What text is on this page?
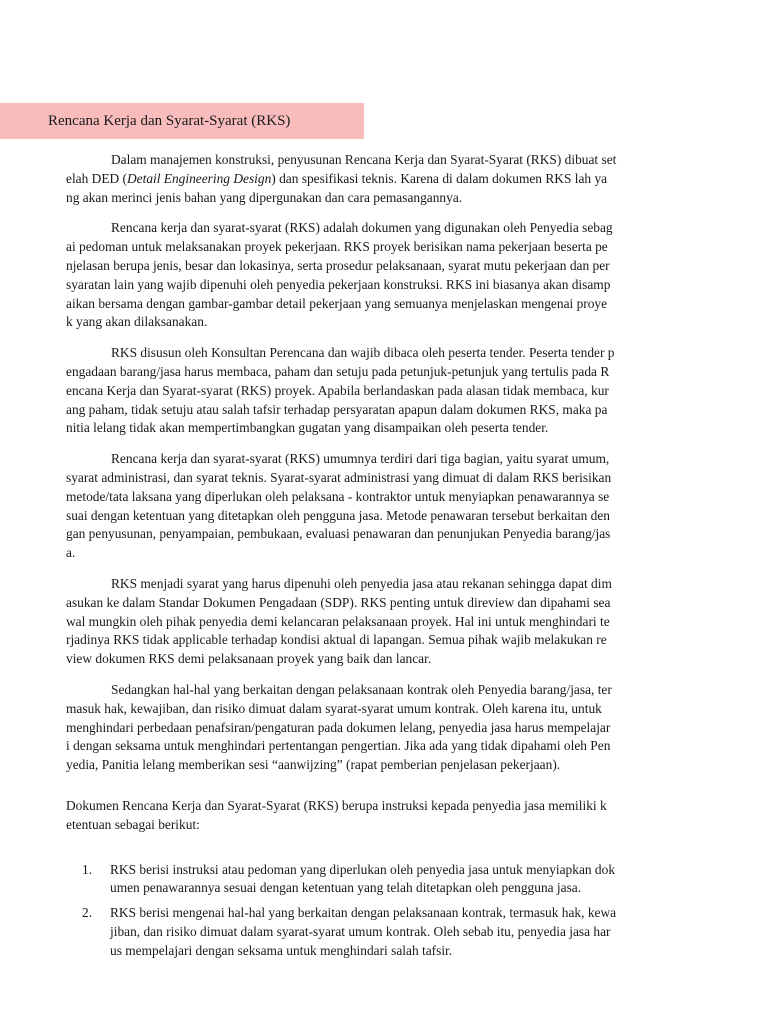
Rencana Kerja dan Syarat-Syarat (RKS)

Dalam manajemen konstruksi, penyusunan Rencana Kerja dan Syarat-Syarat (RKS) dibuat set
elah DED (Detail Engineering Design) dan spesifikasi teknis. Karena di dalam dokumen RKS lah ya
ng akan merinci jenis bahan yang dipergunakan dan cara pemasangannya.

Rencana kerja dan syarat-syarat (RKS) adalah dokumen yang digunakan oleh Penyedia sebag
ai pedoman untuk melaksanakan proyek pekerjaan. RKS proyek berisikan nama pekerjaan beserta pe
njelasan berupa jenis, besar dan lokasinya, serta prosedur pelaksanaan, syarat mutu pekerjaan dan per
syaratan lain yang wajib dipenuhi oleh penyedia pekerjaan konstruksi. RKS ini biasanya akan disamp
aikan bersama dengan gambar-gambar detail pekerjaan yang semuanya menjelaskan mengenai proye
k yang akan dilaksanakan.

RKS disusun oleh Konsultan Perencana dan wajib dibaca oleh peserta tender. Peserta tender p
engadaan barang/jasa harus membaca, paham dan setuju pada petunjuk-petunjuk yang tertulis pada R
encana Kerja dan Syarat-syarat (RKS) proyek. Apabila berlandaskan pada alasan tidak membaca, kur
ang paham, tidak setuju atau salah tafsir terhadap persyaratan apapun dalam dokumen RKS, maka pa
nitia lelang tidak akan mempertimbangkan gugatan yang disampaikan oleh peserta tender.

Rencana kerja dan syarat-syarat (RKS) umumnya terdiri dari tiga bagian, yaitu syarat umum,
syarat administrasi, dan syarat teknis. Syarat-syarat administrasi yang dimuat di dalam RKS berisikan
metode/tata laksana yang diperlukan oleh pelaksana - kontraktor untuk menyiapkan penawarannya se
suai dengan ketentuan yang ditetapkan oleh pengguna jasa. Metode penawaran tersebut berkaitan den
gan penyusunan, penyampaian, pembukaan, evaluasi penawaran dan penunjukan Penyedia barang/jas
a.

RKS menjadi syarat yang harus dipenuhi oleh penyedia jasa atau rekanan sehingga dapat dim
asukan ke dalam Standar Dokumen Pengadaan (SDP). RKS penting untuk direview dan dipahami sea
wal mungkin oleh pihak penyedia demi kelancaran pelaksanaan proyek. Hal ini untuk menghindari te
rjadinya RKS tidak applicable terhadap kondisi aktual di lapangan. Semua pihak wajib melakukan re
view dokumen RKS demi pelaksanaan proyek yang baik dan lancar.

Sedangkan hal-hal yang berkaitan dengan pelaksanaan kontrak oleh Penyedia barang/jasa, ter
masuk hak, kewajiban, dan risiko dimuat dalam syarat-syarat umum kontrak. Oleh karena itu, untuk
menghindari perbedaan penafsiran/pengaturan pada dokumen lelang, penyedia jasa harus mempelajar
i dengan seksama untuk menghindari pertentangan pengertian. Jika ada yang tidak dipahami oleh Pen
yedia, Panitia lelang memberikan sesi “aanwijzing” (rapat pemberian penjelasan pekerjaan).

Dokumen Rencana Kerja dan Syarat-Syarat (RKS) berupa instruksi kepada penyedia jasa memiliki k
etentuan sebagai berikut:

1. RKS berisi instruksi atau pedoman yang diperlukan oleh penyedia jasa untuk menyiapkan dok
umen penawarannya sesuai dengan ketentuan yang telah ditetapkan oleh pengguna jasa.
2. RKS berisi mengenai hal-hal yang berkaitan dengan pelaksanaan kontrak, termasuk hak, kewa
jiban, dan risiko dimuat dalam syarat-syarat umum kontrak. Oleh sebab itu, penyedia jasa har
us mempelajari dengan seksama untuk menghindari salah tafsir.
